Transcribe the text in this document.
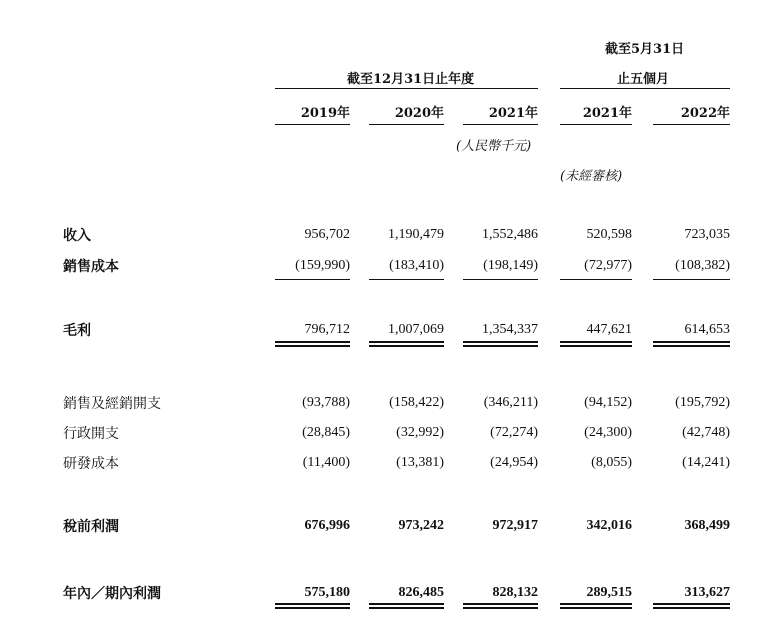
截至12月31日止年度
截至5月31日
止五個月
2019年	2020年	2021年	2021年	2022年
(人民幣千元)
(未經審核)
收入	956,702	1,190,479	1,552,486	520,598	723,035
銷售成本	(159,990)	(183,410)	(198,149)	(72,977)	(108,382)
毛利	796,712	1,007,069	1,354,337	447,621	614,653
銷售及經銷開支	(93,788)	(158,422)	(346,211)	(94,152)	(195,792)
行政開支	(28,845)	(32,992)	(72,274)	(24,300)	(42,748)
研發成本	(11,400)	(13,381)	(24,954)	(8,055)	(14,241)
稅前利潤	676,996	973,242	972,917	342,016	368,499
年內／期內利潤	575,180	826,485	828,132	289,515	313,627
